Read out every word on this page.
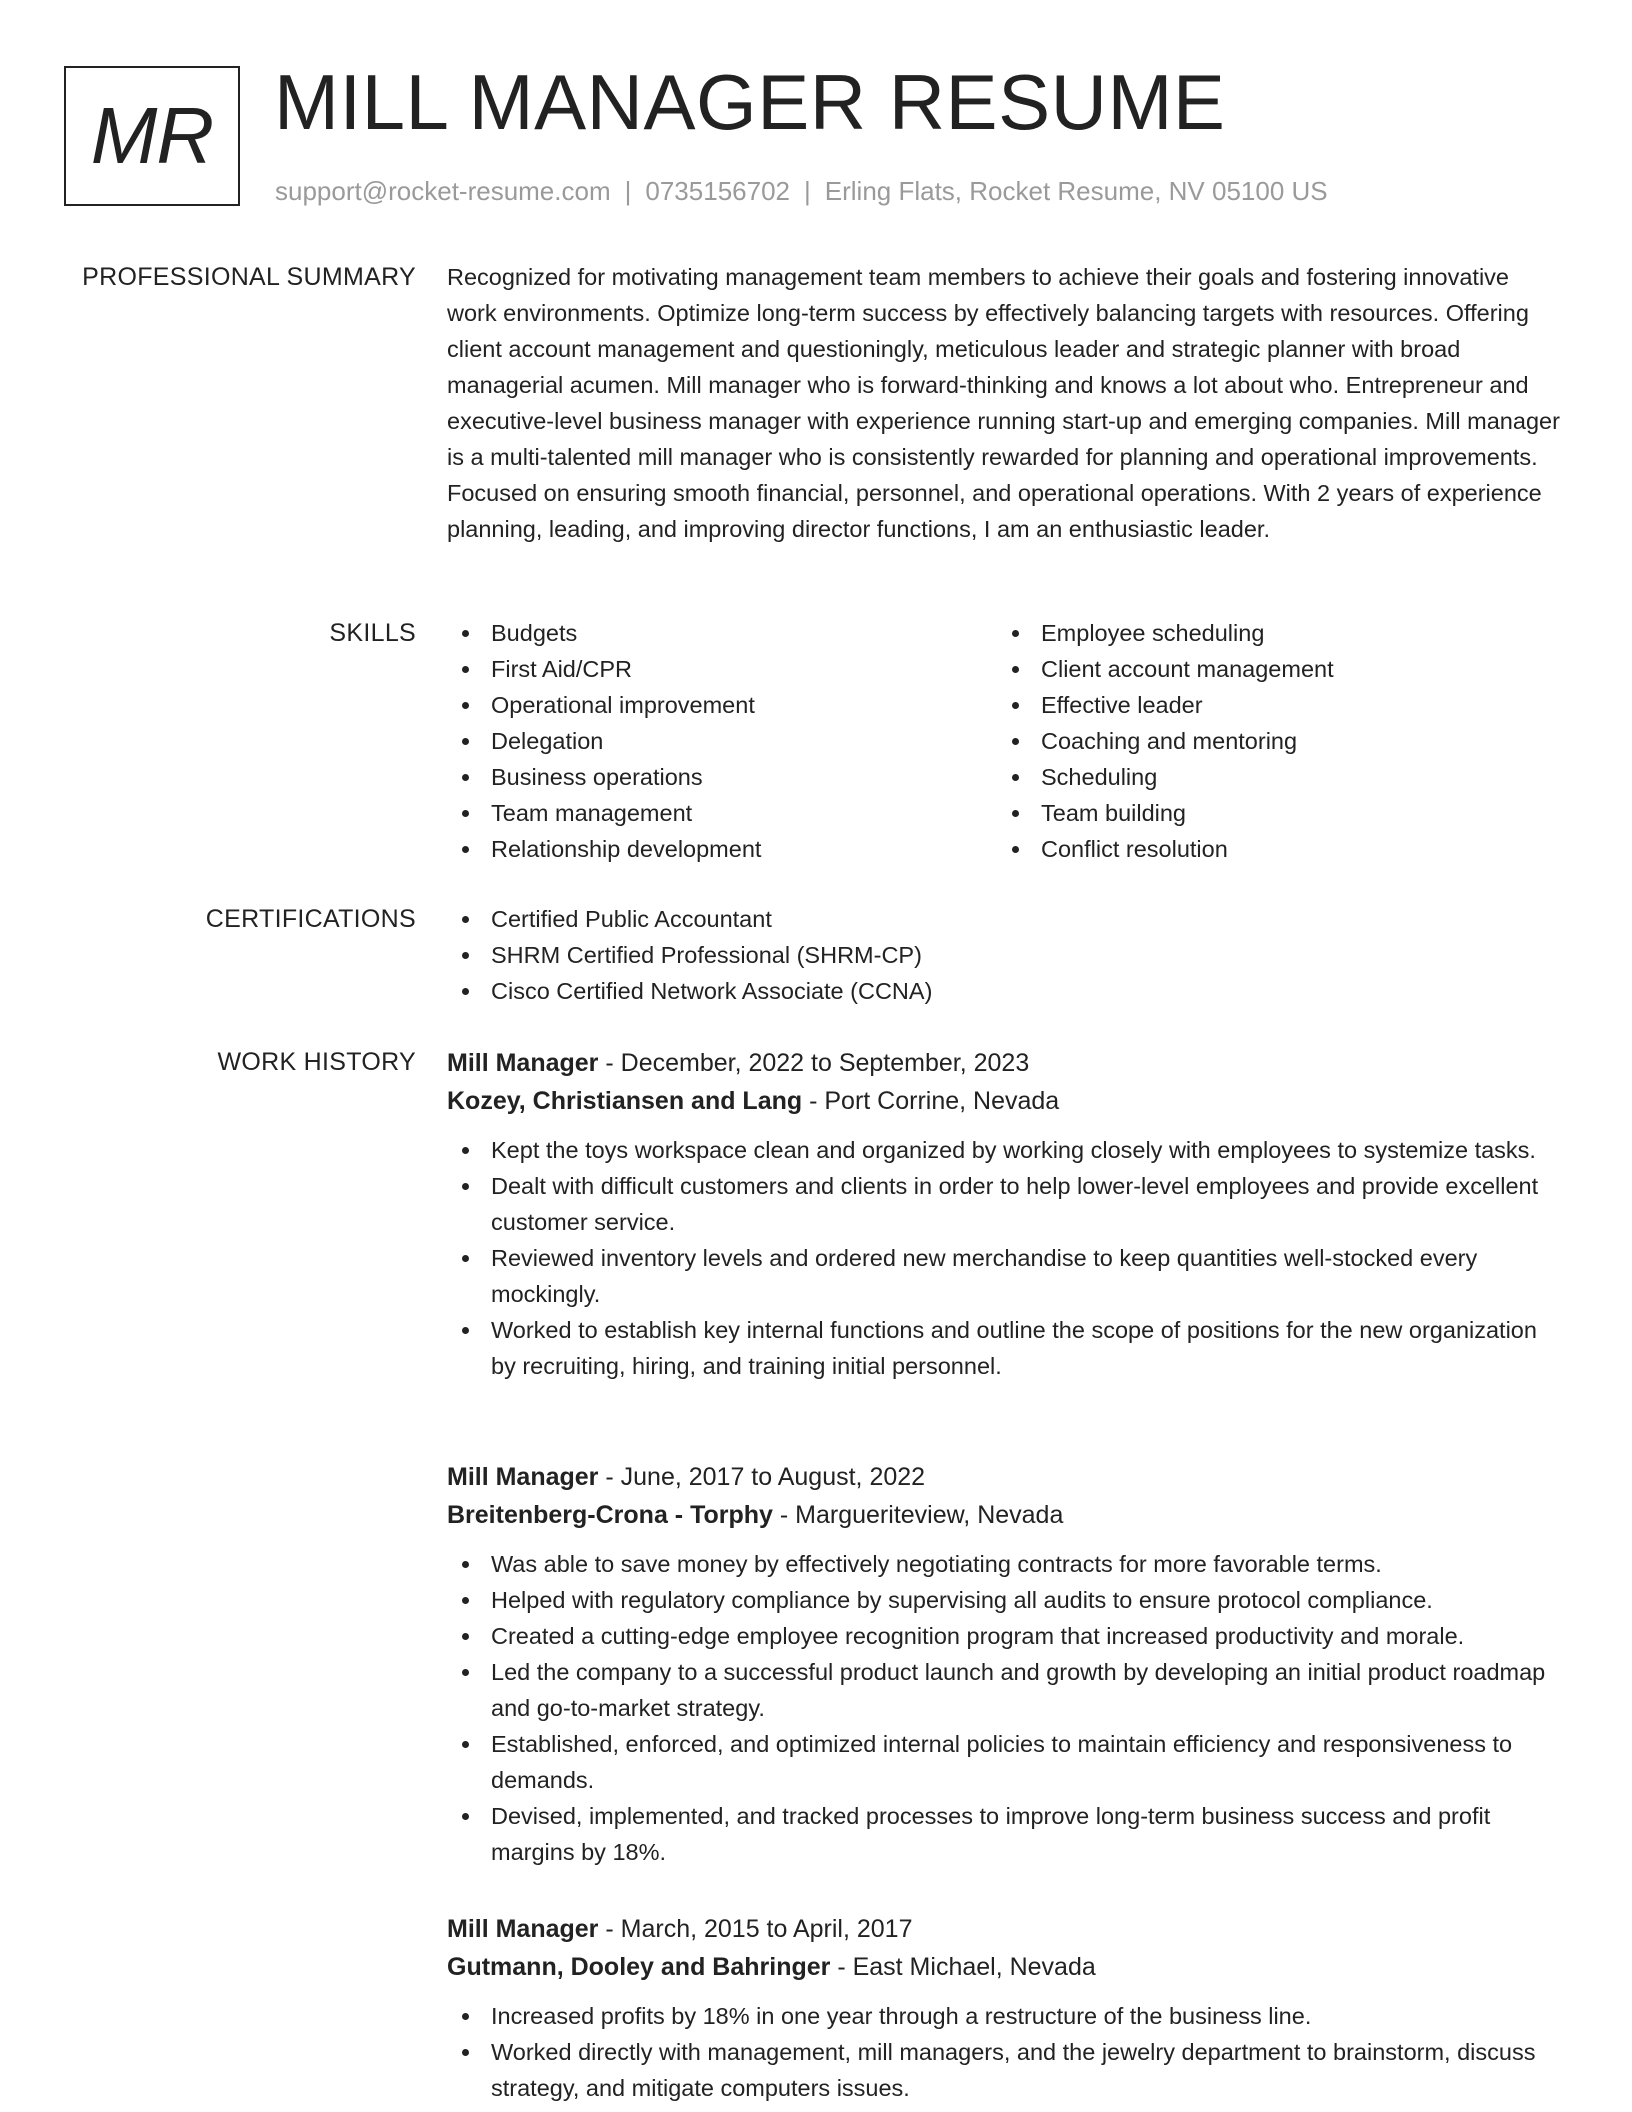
MR MILL MANAGER RESUME
support@rocket-resume.com | 0735156702 | Erling Flats, Rocket Resume, NV 05100 US
PROFESSIONAL SUMMARY Recognized for motivating management team members to achieve their goals and fostering innovative work environments. Optimize long-term success by effectively balancing targets with resources. Offering client account management and questioningly, meticulous leader and strategic planner with broad managerial acumen. Mill manager who is forward-thinking and knows a lot about who. Entrepreneur and executive-level business manager with experience running start-up and emerging companies. Mill manager is a multi-talented mill manager who is consistently rewarded for planning and operational improvements. Focused on ensuring smooth financial, personnel, and operational operations. With 2 years of experience planning, leading, and improving director functions, I am an enthusiastic leader.

SKILLS	Budgets
First Aid/CPR
Operational improvement
Delegation
Business operations
Team management
Relationship development
Employee scheduling
Client account management
Effective leader
Coaching and mentoring
Scheduling
Team building
Conflict resolution
CERTIFICATIONS	Certified Public Accountant
SHRM Certified Professional (SHRM-CP)
Cisco Certified Network Associate (CCNA)
WORK HISTORY Mill Manager - December, 2022 to September, 2023
Kozey, Christiansen and Lang - Port Corrine, Nevada
Kept the toys workspace clean and organized by working closely with employees to systemize tasks.
Dealt with difficult customers and clients in order to help lower-level employees and provide excellent customer service.
Reviewed inventory levels and ordered new merchandise to keep quantities well-stocked every mockingly.
Worked to establish key internal functions and outline the scope of positions for the new organization by recruiting, hiring, and training initial personnel.
Mill Manager - June, 2017 to August, 2022
Breitenberg-Crona - Torphy - Margueriteview, Nevada
Was able to save money by effectively negotiating contracts for more favorable terms.
Helped with regulatory compliance by supervising all audits to ensure protocol compliance.
Created a cutting-edge employee recognition program that increased productivity and morale.
Led the company to a successful product launch and growth by developing an initial product roadmap and go-to-market strategy.
Established, enforced, and optimized internal policies to maintain efficiency and responsiveness to demands.
Devised, implemented, and tracked processes to improve long-term business success and profit margins by 18%.
Mill Manager - March, 2015 to April, 2017
Gutmann, Dooley and Bahringer - East Michael, Nevada
Increased profits by 18% in one year through a restructure of the business line.
Worked directly with management, mill managers, and the jewelry department to brainstorm, discuss strategy, and mitigate computers issues.
